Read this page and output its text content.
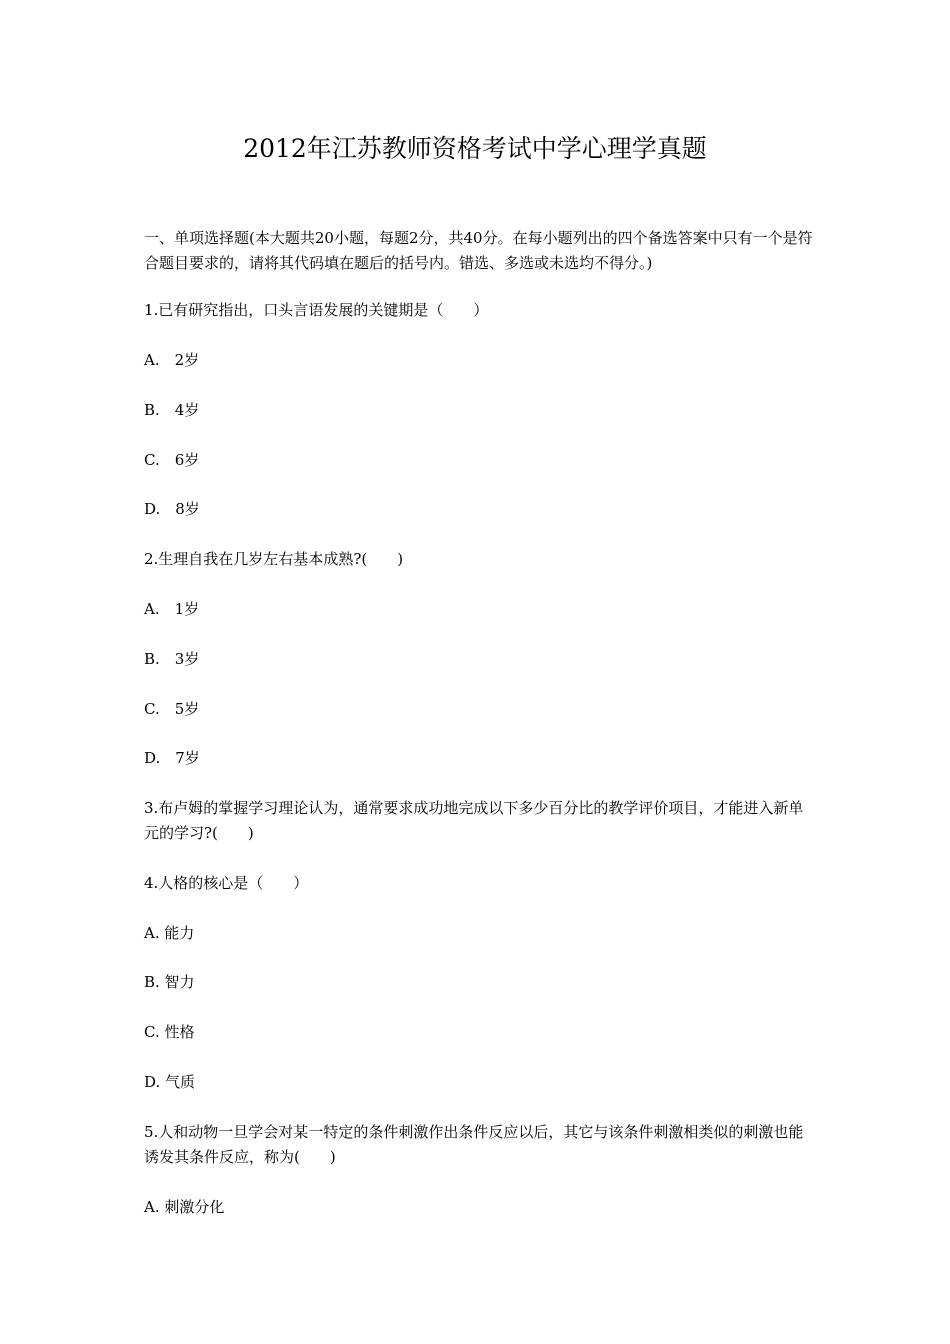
2012年江苏教师资格考试中学心理学真题
一、单项选择题(本大题共20小题，每题2分，共40分。在每小题列出的四个备选答案中只有一个是符合题目要求的，请将其代码填在题后的括号内。错选、多选或未选均不得分。)
1.已有研究指出，口头言语发展的关键期是（　　）
A.　2岁
B.　4岁
C.　6岁
D.　8岁
2.生理自我在几岁左右基本成熟?(　　)
A.　1岁
B.　3岁
C.　5岁
D.　7岁
3.布卢姆的掌握学习理论认为，通常要求成功地完成以下多少百分比的教学评价项目，才能进入新单元的学习?(　　)
4.人格的核心是（　　）
A. 能力
B. 智力
C. 性格
D. 气质
5.人和动物一旦学会对某一特定的条件刺激作出条件反应以后，其它与该条件刺激相类似的刺激也能诱发其条件反应，称为(　　)
A. 刺激分化
